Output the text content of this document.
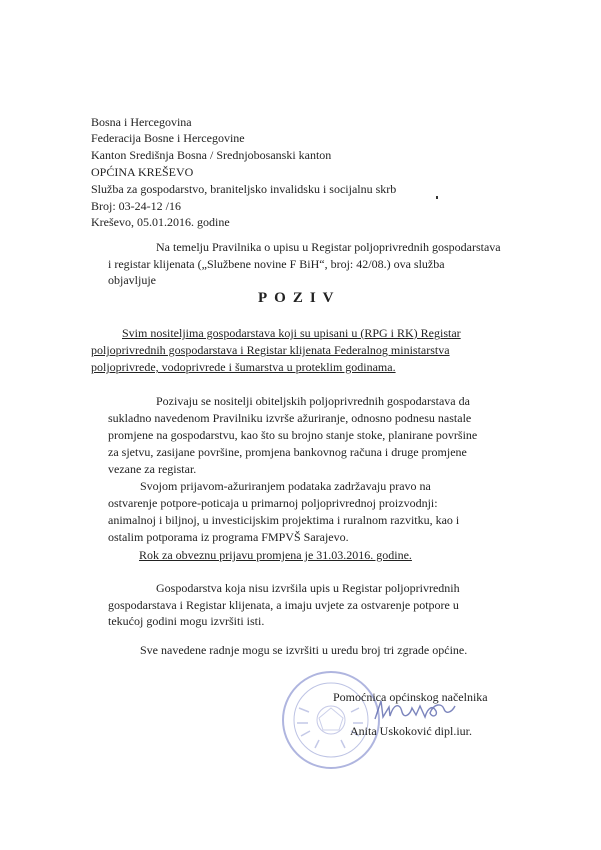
Bosna i Hercegovina
Federacija Bosne i Hercegovine
Kanton Središnja Bosna / Srednjobosanski kanton
OPĆINA KREŠEVO
Služba za gospodarstvo, braniteljsko invalidsku i socijalnu skrb
Broj: 03-24-12 /16
Kreševo, 05.01.2016. godine
Na temelju Pravilnika o upisu u Registar poljoprivrednih gospodarstava
i registar klijenata („Službene novine F BiH“, broj: 42/08.) ova služba
objavljuje
POZIV
Svim nositeljima gospodarstava koji su upisani u (RPG i RK) Registar
poljoprivrednih gospodarstava i Registar klijenata Federalnog ministarstva
poljoprivrede, vodoprivrede i šumarstva u proteklim godinama.
Pozivaju se nositelji obiteljskih poljoprivrednih gospodarstava da
sukladno navedenom Pravilniku izvrše ažuriranje, odnosno podnesu nastale
promjene na gospodarstvu, kao što su brojno stanje stoke, planirane površine
za sjetvu, zasijane površine, promjena bankovnog računa i druge promjene
vezane za registar.
Svojom prijavom-ažuriranjem podataka zadržavaju pravo na
ostvarenje potpore-poticaja u primarnoj poljoprivrednoj proizvodnji:
animalnoj i biljnoj, u investicijskim projektima i ruralnom razvitku, kao i
ostalim potporama iz programa FMPVŠ Sarajevo.
Rok za obveznu prijavu promjena je 31.03.2016. godine.
Gospodarstva koja nisu izvršila upis u Registar poljoprivrednih
gospodarstava i Registar klijenata, a imaju uvjete za ostvarenje potpore u
tekućoj godini mogu izvršiti isti.
Sve navedene radnje mogu se izvršiti u uredu broj tri zgrade općine.
Pomoćnica općinskog načelnika
Anita Uskoković dipl.iur.
